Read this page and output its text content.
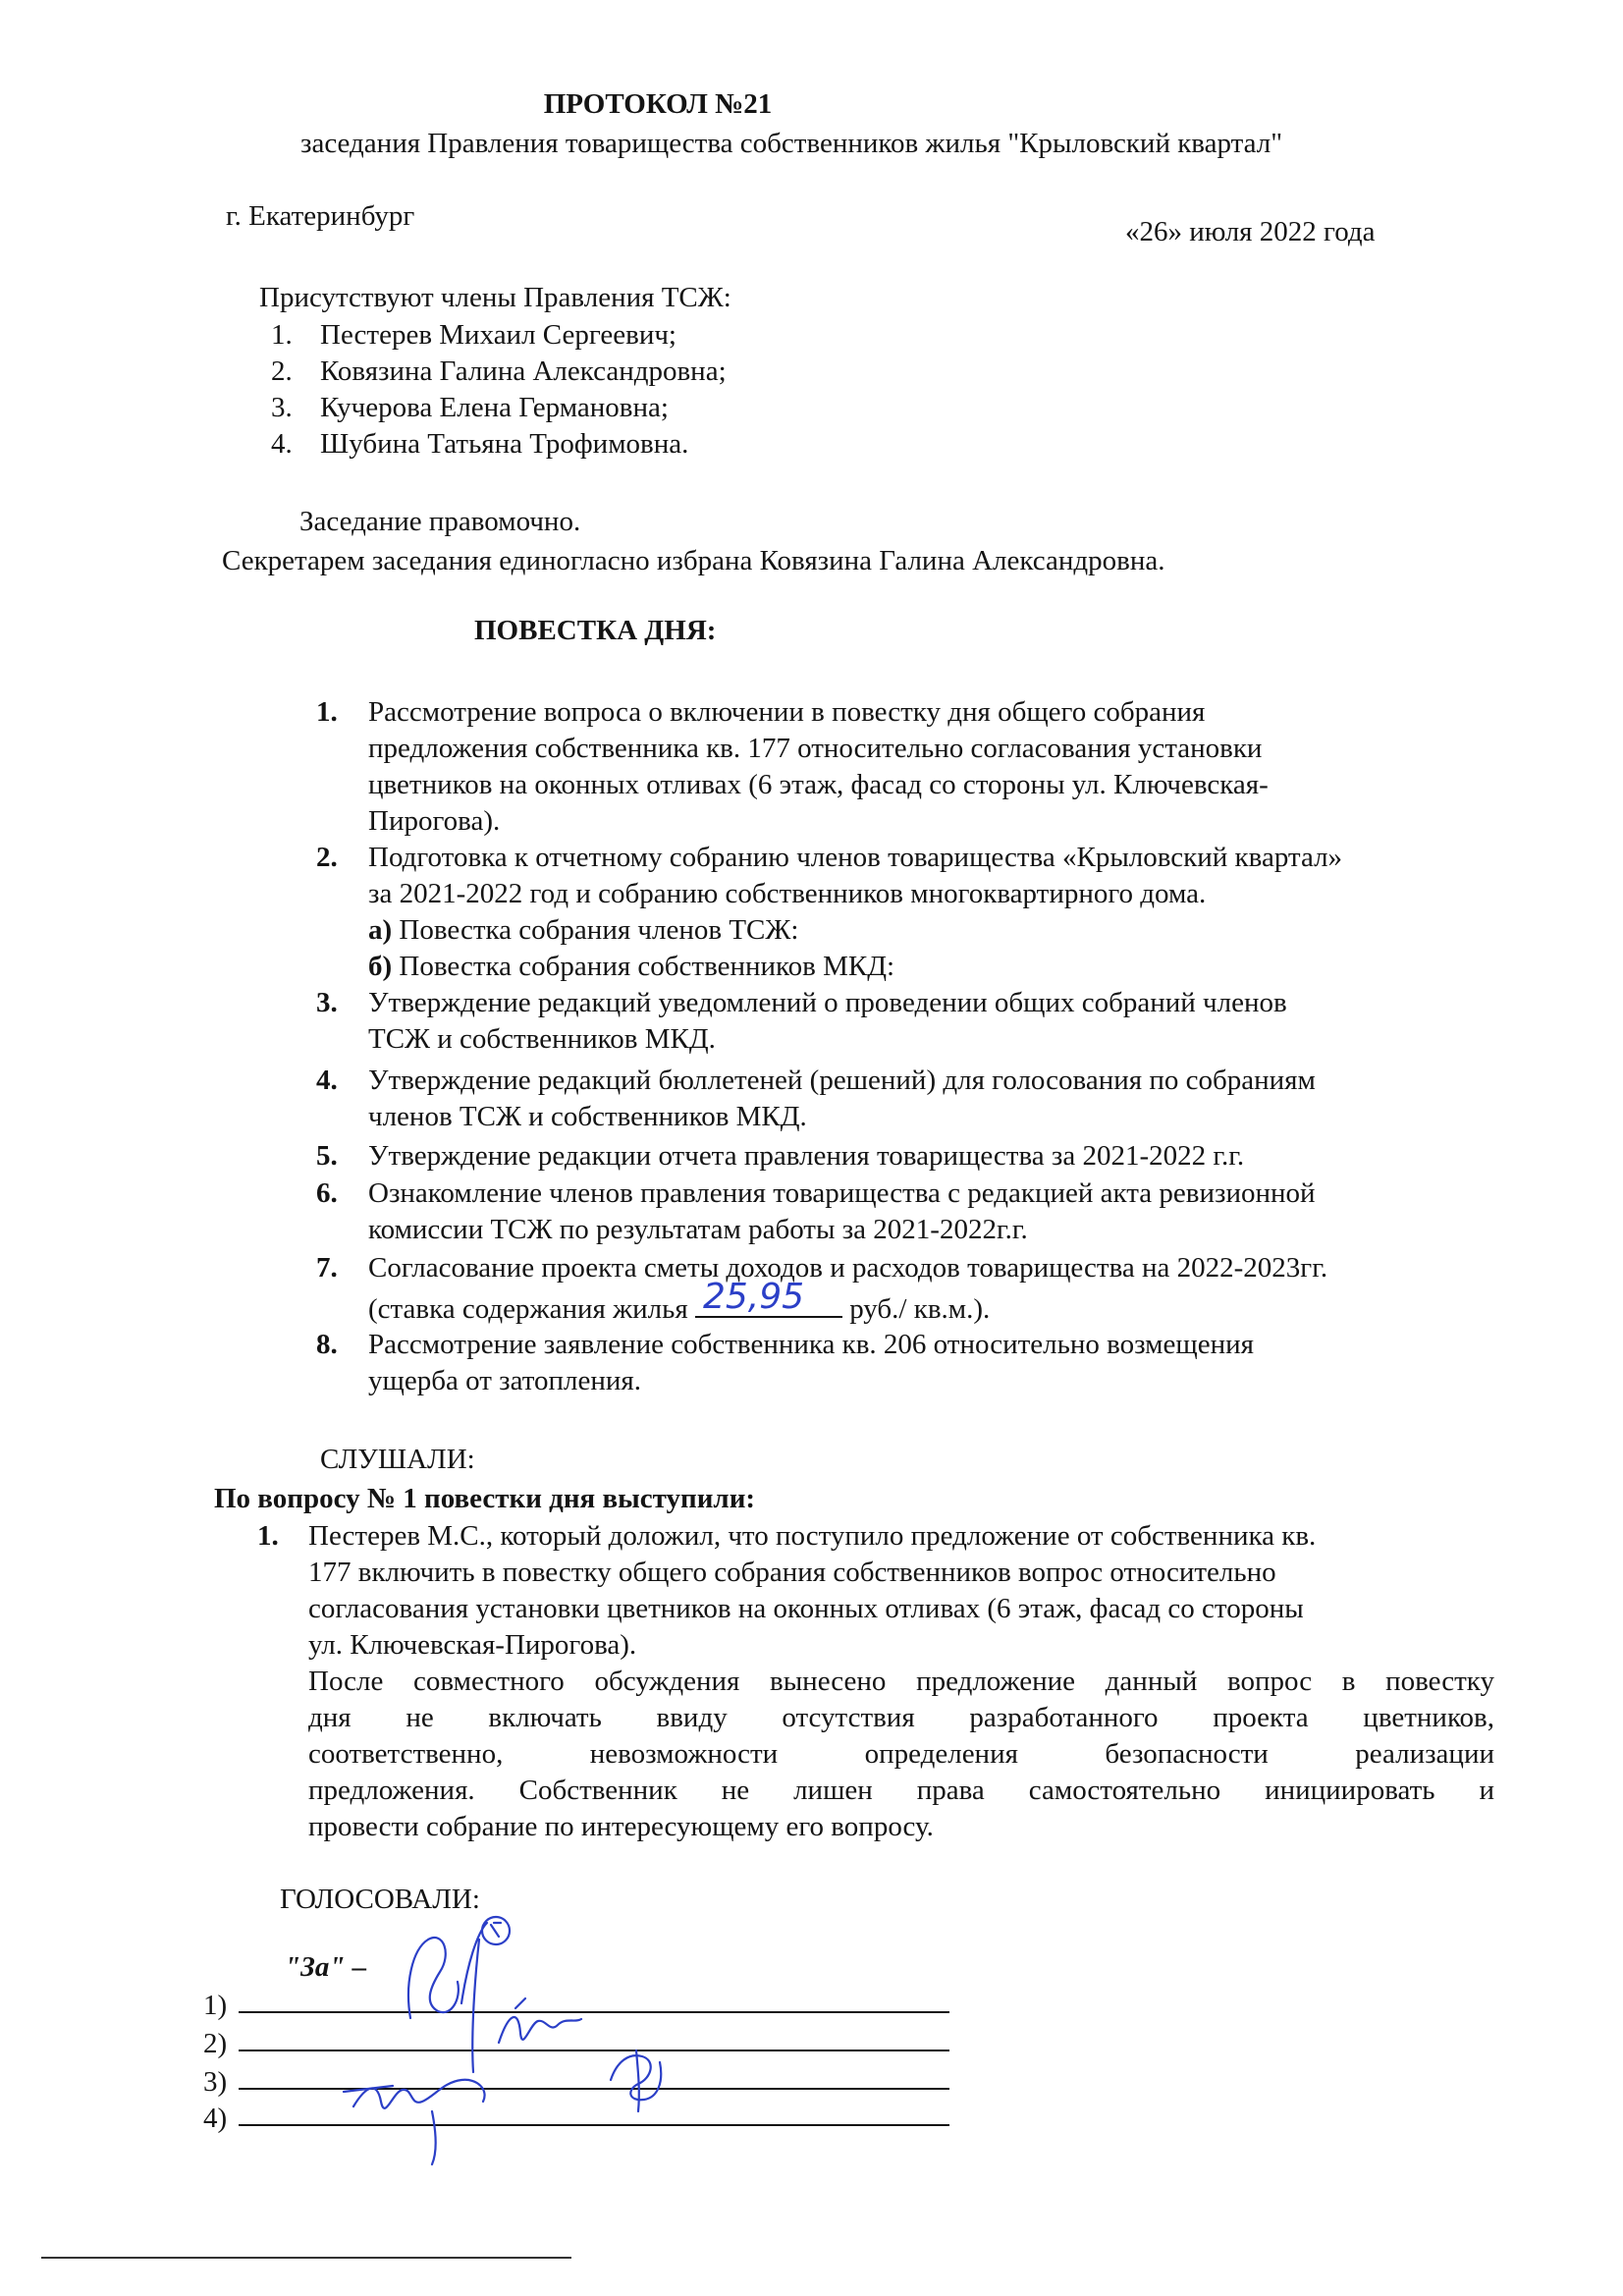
ПРОТОКОЛ №21
заседания Правления товарищества собственников жилья "Крыловский квартал"
г. Екатеринбург	«26» июля 2022 года
Присутствуют члены Правления ТСЖ:
1. Пестерев Михаил Сергеевич;
2. Ковязина Галина Александровна;
3. Кучерова Елена Германовна;
4. Шубина Татьяна Трофимовна.
Заседание правомочно.
Секретарем заседания единогласно избрана Ковязина Галина Александровна.
ПОВЕСТКА ДНЯ:
1.	Рассмотрение вопроса о включении в повестку дня общего собрания
предложения собственника кв. 177 относительно согласования установки
цветников на оконных отливах (6 этаж, фасад со стороны ул. Ключевская-
Пирогова).
2.	Подготовка к отчетному собранию членов товарищества «Крыловский квартал»
за 2021-2022 год и собранию собственников многоквартирного дома.
а) Повестка собрания членов ТСЖ:
б) Повестка собрания собственников МКД:
3.	Утверждение редакций уведомлений о проведении общих собраний членов
ТСЖ и собственников МКД.
4.	Утверждение редакций бюллетеней (решений) для голосования по собраниям
членов ТСЖ и собственников МКД.
5.	Утверждение редакции отчета правления товарищества за 2021-2022 г.г.
6.	Ознакомление членов правления товарищества с редакцией акта ревизионной
комиссии ТСЖ по результатам работы за 2021-2022г.г.
7.	Согласование проекта сметы доходов и расходов товарищества на 2022-2023гг.
(ставка содержания жилья 25,95 руб./ кв.м.).
8.	Рассмотрение заявление собственника кв. 206 относительно возмещения
ущерба от затопления.
СЛУШАЛИ:
По вопросу № 1 повестки дня выступили:
1. Пестерев М.С., который доложил, что поступило предложение от собственника кв.
177 включить в повестку общего собрания собственников вопрос относительно
согласования установки цветников на оконных отливах (6 этаж, фасад со стороны
ул. Ключевская-Пирогова).
После совместного обсуждения вынесено предложение данный вопрос в повестку
дня не включать ввиду отсутствия разработанного проекта цветников,
соответственно, невозможности определения безопасности реализации
предложения. Собственник не лишен права самостоятельно инициировать и
провести собрание по интересующему его вопросу.
ГОЛОСОВАЛИ:
"За" –
1)
2)
3)
4)
